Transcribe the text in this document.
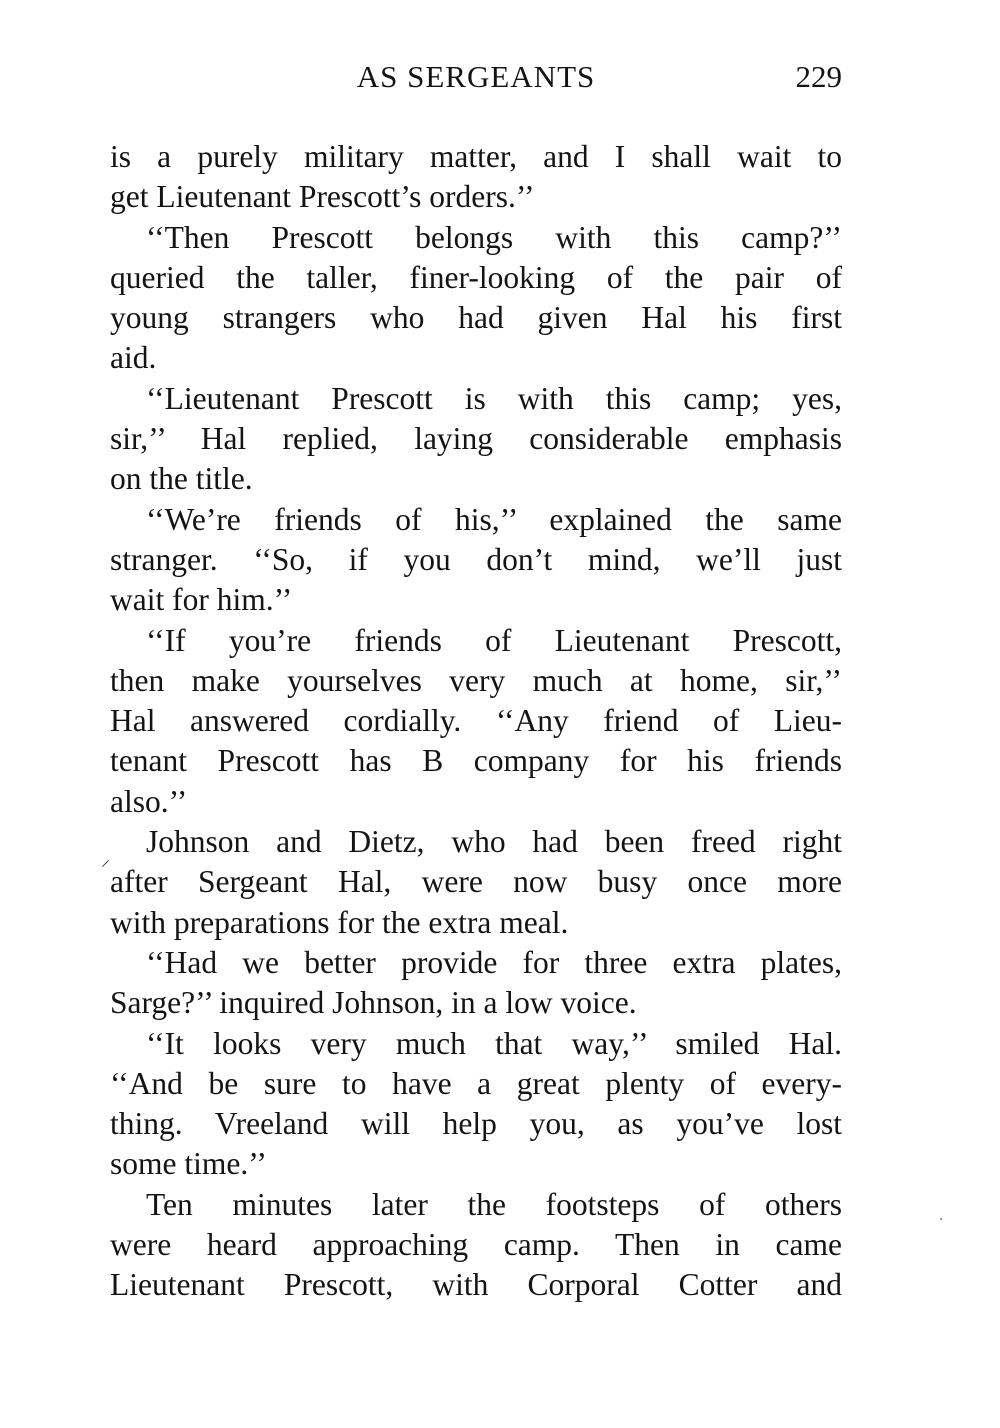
AS SERGEANTS	229
is a purely military matter, and I shall wait to
get Lieutenant Prescott’s orders.’’
‘‘Then Prescott belongs with this camp?’’
queried the taller, finer-looking of the pair of
young strangers who had given Hal his first
aid.
‘‘Lieutenant Prescott is with this camp; yes,
sir,’’ Hal replied, laying considerable emphasis
on the title.
‘‘We’re friends of his,’’ explained the same
stranger. ‘‘So, if you don’t mind, we’ll just
wait for him.’’
‘‘If you’re friends of Lieutenant Prescott,
then make yourselves very much at home, sir,’’
Hal answered cordially. ‘‘Any friend of Lieu-
tenant Prescott has B company for his friends
also.’’
Johnson and Dietz, who had been freed right
after Sergeant Hal, were now busy once more
with preparations for the extra meal.
‘‘Had we better provide for three extra plates,
Sarge?’’ inquired Johnson, in a low voice.
‘‘It looks very much that way,’’ smiled Hal.
‘‘And be sure to have a great plenty of every-
thing. Vreeland will help you, as you’ve lost
some time.’’
Ten minutes later the footsteps of others
were heard approaching camp. Then in came
Lieutenant Prescott, with Corporal Cotter and
⸍
